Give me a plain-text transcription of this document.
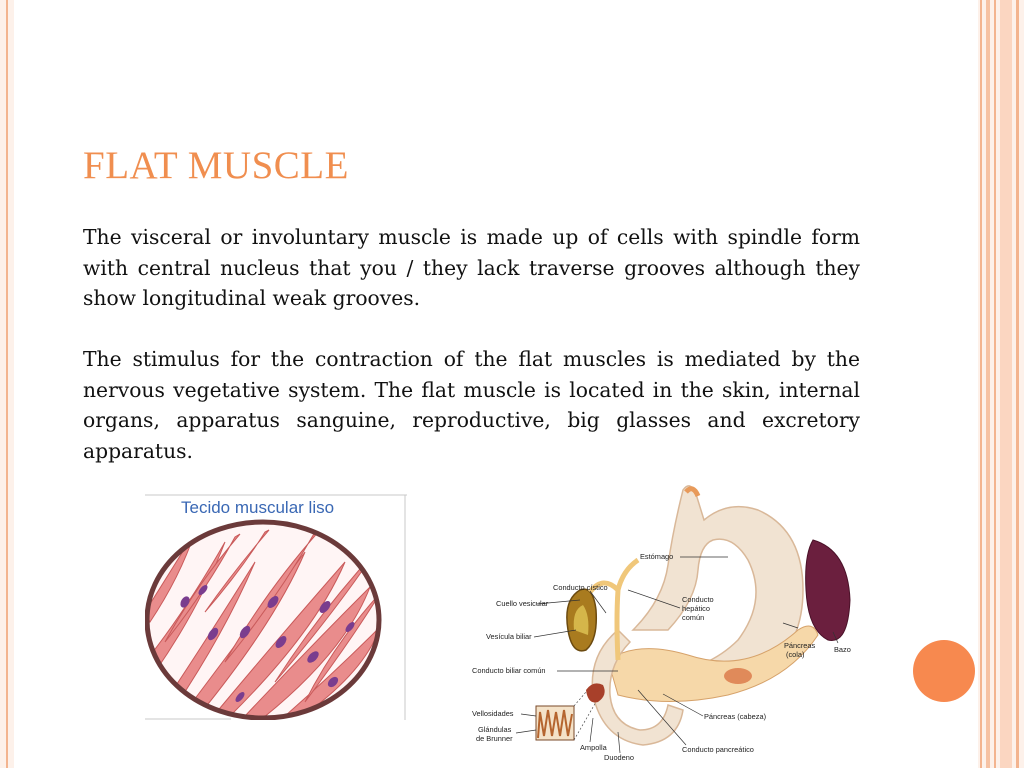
FLAT MUSCLE

The visceral or involuntary muscle is made up of cells with spindle form with central nucleus that you / they lack traverse grooves although they show longitudinal weak grooves.

The stimulus for the contraction of the flat muscles is mediated by the nervous vegetative system. The flat muscle is located in the skin, internal organs, apparatus sanguine, reproductive, big glasses and excretory apparatus.

Tecido muscular liso
Estómago
Conducto cístico
Cuello vesicular	Conducto
hepático
común
Vesícula biliar
Conducto biliar común
Páncreas
(cola)
Bazo
Vellosidades
Glándulas
de Brunner
Páncreas (cabeza)
Ampolla
Duodeno
Conducto pancreático
